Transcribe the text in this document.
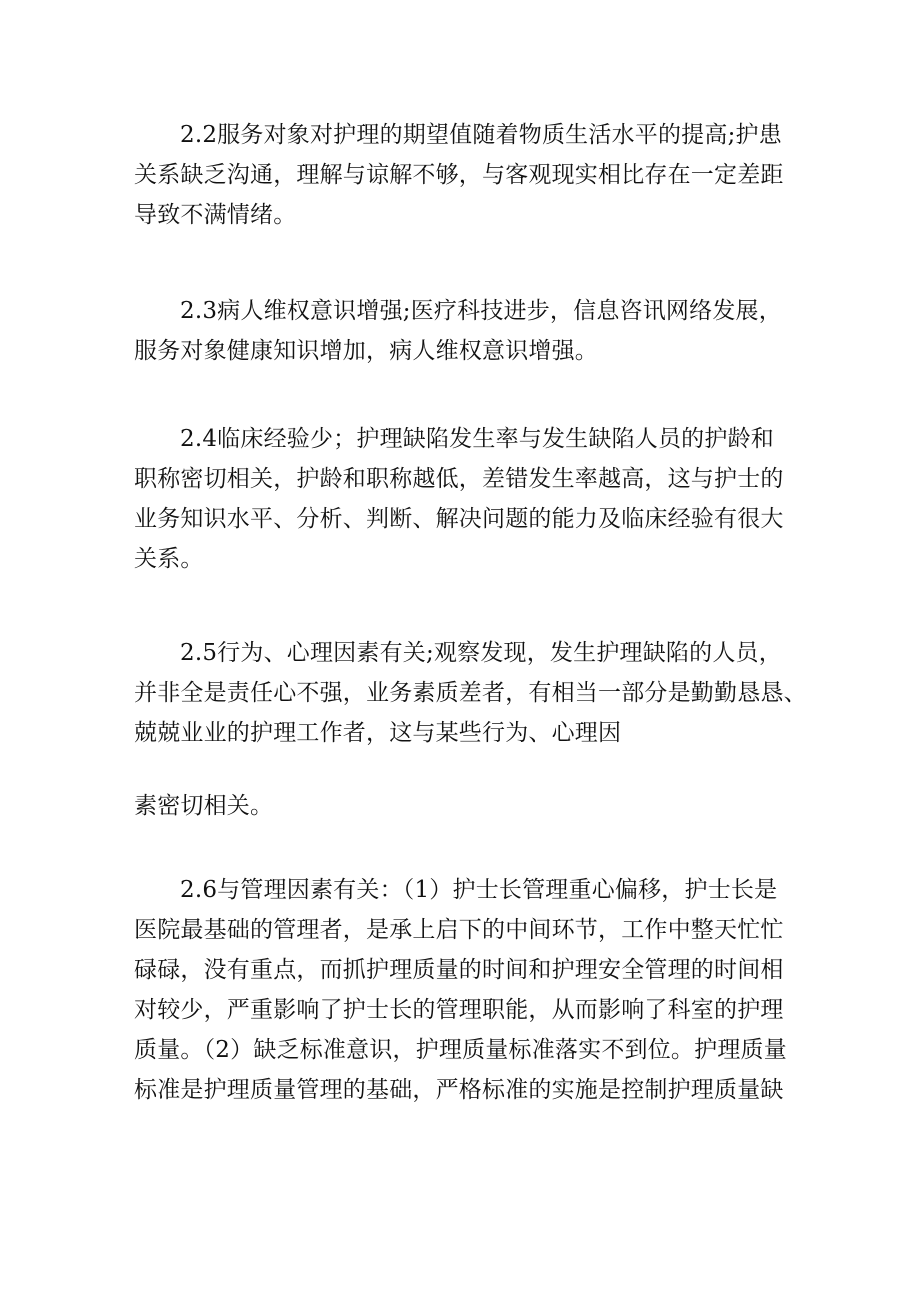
2.2服务对象对护理的期望值随着物质生活水平的提高;护患
关系缺乏沟通，理解与谅解不够，与客观现实相比存在一定差距
导致不满情绪。

2.3病人维权意识增强;医疗科技进步，信息咨讯网络发展，
服务对象健康知识增加，病人维权意识增强。

2.4临床经验少；护理缺陷发生率与发生缺陷人员的护龄和
职称密切相关，护龄和职称越低，差错发生率越高，这与护士的
业务知识水平、分析、判断、解决问题的能力及临床经验有很大
关系。

2.5行为、心理因素有关;观察发现，发生护理缺陷的人员，
并非全是责任心不强，业务素质差者，有相当一部分是勤勤恳恳、
兢兢业业的护理工作者，这与某些行为、心理因

素密切相关。

2.6与管理因素有关：（1）护士长管理重心偏移，护士长是
医院最基础的管理者，是承上启下的中间环节，工作中整天忙忙
碌碌，没有重点，而抓护理质量的时间和护理安全管理的时间相
对较少，严重影响了护士长的管理职能，从而影响了科室的护理
质量。（2）缺乏标准意识，护理质量标准落实不到位。护理质量
标准是护理质量管理的基础，严格标准的实施是控制护理质量缺
